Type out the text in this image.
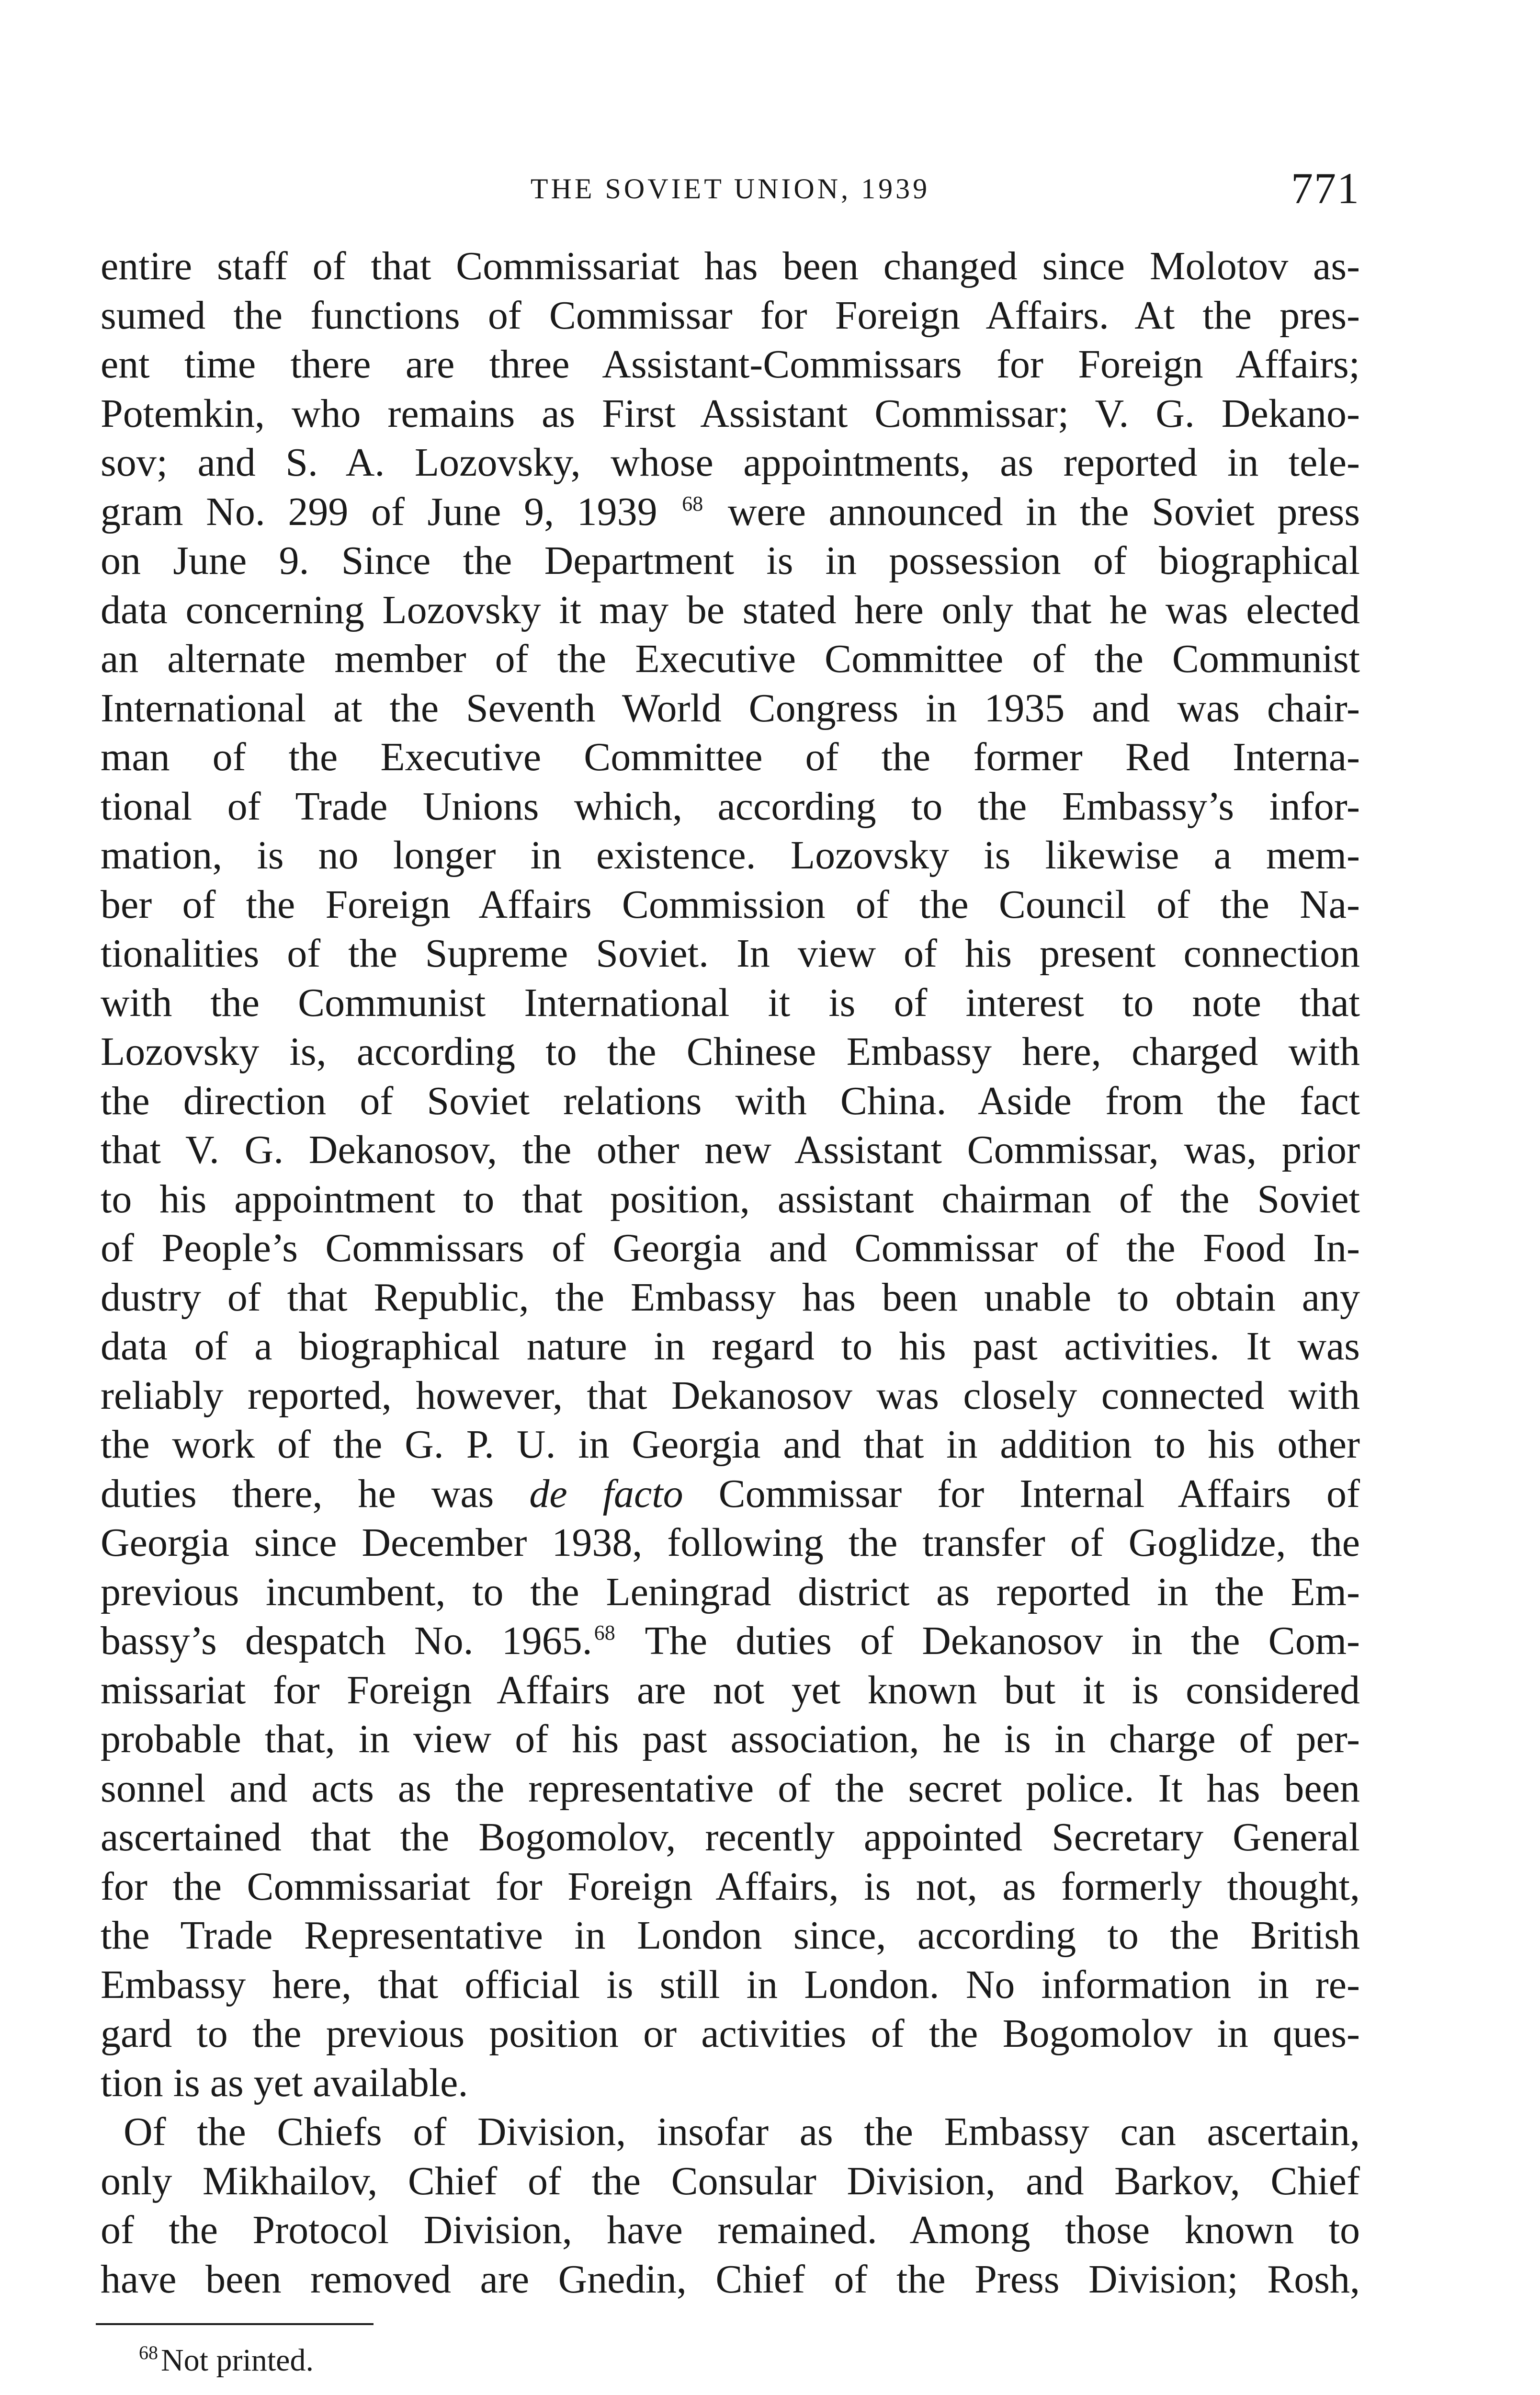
THE SOVIET UNION, 1939	771
entire staff of that Commissariat has been changed since Molotov as-
sumed the functions of Commissar for Foreign Affairs. At the pres-
ent time there are three Assistant-Commissars for Foreign Affairs;
Potemkin, who remains as First Assistant Commissar; V. G. Dekano-
sov; and S. A. Lozovsky, whose appointments, as reported in tele-
gram No. 299 of June 9, 1939 $^{68}$ were announced in the Soviet press
on June 9. Since the Department is in possession of biographical
data concerning Lozovsky it may be stated here only that he was elected
an alternate member of the Executive Committee of the Communist
International at the Seventh World Congress in 1935 and was chair-
man of the Executive Committee of the former Red Interna-
tional of Trade Unions which, according to the Embassy’s infor-
mation, is no longer in existence. Lozovsky is likewise a mem-
ber of the Foreign Affairs Commission of the Council of the Na-
tionalities of the Supreme Soviet. In view of his present connection
with the Communist International it is of interest to note that
Lozovsky is, according to the Chinese Embassy here, charged with
the direction of Soviet relations with China. Aside from the fact
that V. G. Dekanosov, the other new Assistant Commissar, was, prior
to his appointment to that position, assistant chairman of the Soviet
of People’s Commissars of Georgia and Commissar of the Food In-
dustry of that Republic, the Embassy has been unable to obtain any
data of a biographical nature in regard to his past activities. It was
reliably reported, however, that Dekanosov was closely connected with
the work of the G. P. U. in Georgia and that in addition to his other
duties there, he was de facto Commissar for Internal Affairs of
Georgia since December 1938, following the transfer of Goglidze, the
previous incumbent, to the Leningrad district as reported in the Em-
bassy’s despatch No. 1965.68 The duties of Dekanosov in the Com-
missariat for Foreign Affairs are not yet known but it is considered
probable that, in view of his past association, he is in charge of per-
sonnel and acts as the representative of the secret police. It has been
ascertained that the Bogomolov, recently appointed Secretary General
for the Commissariat for Foreign Affairs, is not, as formerly thought,
the Trade Representative in London since, according to the British
Embassy here, that official is still in London. No information in re-
gard to the previous position or activities of the Bogomolov in ques-
tion is as yet available.
Of the Chiefs of Division, insofar as the Embassy can ascertain,
only Mikhailov, Chief of the Consular Division, and Barkov, Chief
of the Protocol Division, have remained. Among those known to
have been removed are Gnedin, Chief of the Press Division; Rosh,
$^{68}$Not printed.
